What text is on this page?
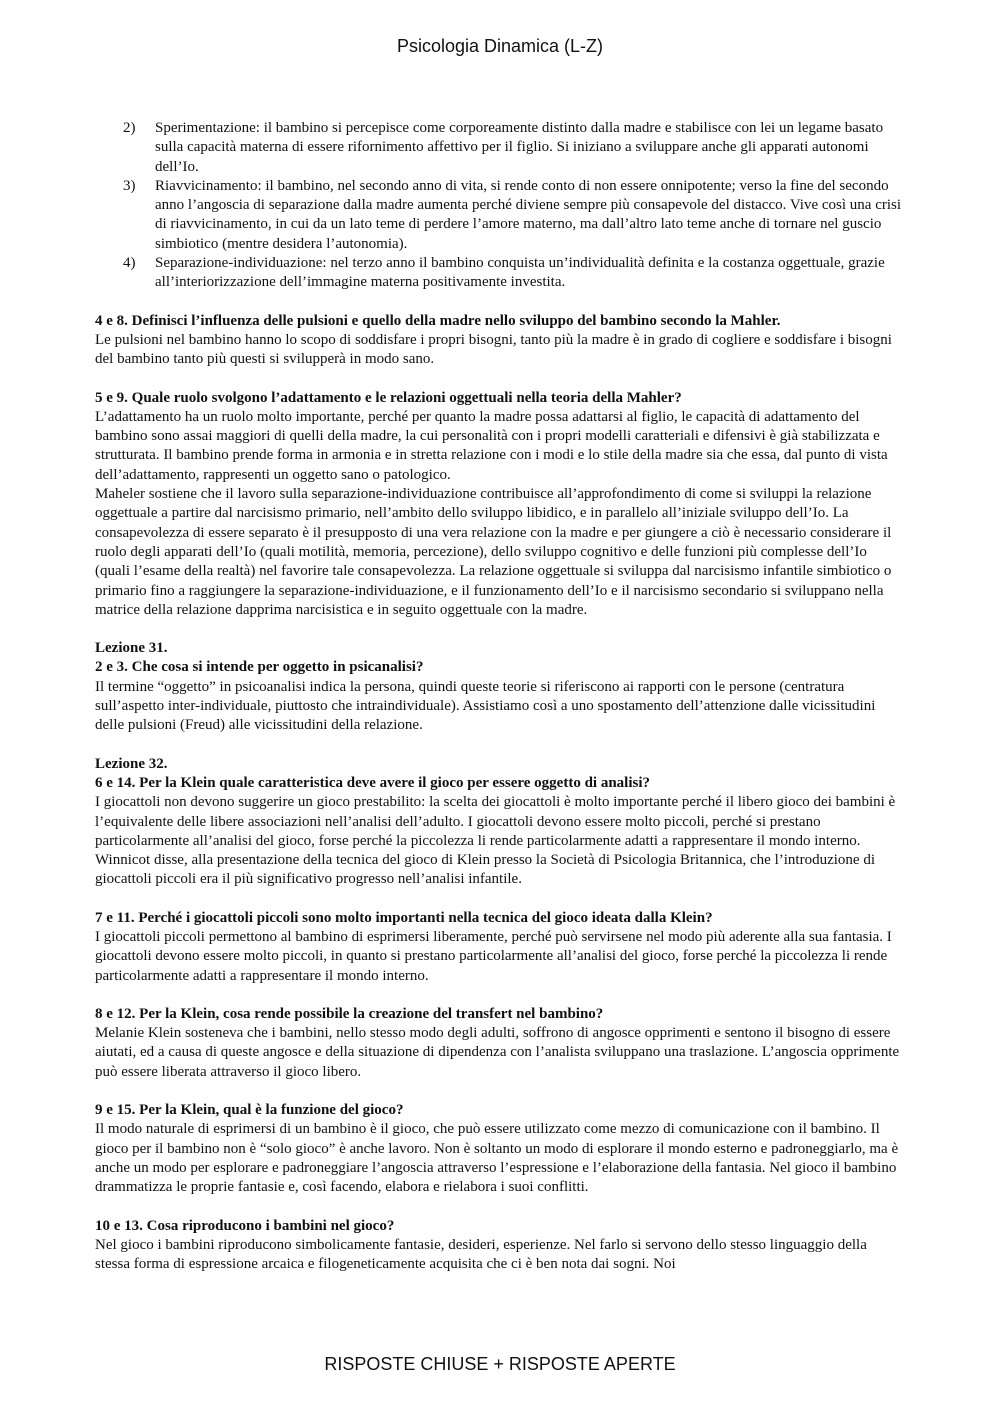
Psicologia Dinamica (L-Z)
2) Sperimentazione: il bambino si percepisce come corporeamente distinto dalla madre e stabilisce con lei un legame basato sulla capacità materna di essere rifornimento affettivo per il figlio. Si iniziano a sviluppare anche gli apparati autonomi dell’Io.
3) Riavvicinamento: il bambino, nel secondo anno di vita, si rende conto di non essere onnipotente; verso la fine del secondo anno l’angoscia di separazione dalla madre aumenta perché diviene sempre più consapevole del distacco. Vive così una crisi di riavvicinamento, in cui da un lato teme di perdere l’amore materno, ma dall’altro lato teme anche di tornare nel guscio simbiotico (mentre desidera l’autonomia).
4) Separazione-individuazione: nel terzo anno il bambino conquista un’individualità definita e la costanza oggettuale, grazie all’interiorizzazione dell’immagine materna positivamente investita.

4 e 8. Definisci l’influenza delle pulsioni e quello della madre nello sviluppo del bambino secondo la Mahler.

Le pulsioni nel bambino hanno lo scopo di soddisfare i propri bisogni, tanto più la madre è in grado di cogliere e soddisfare i bisogni del bambino tanto più questi si svilupperà in modo sano.

5 e 9. Quale ruolo svolgono l’adattamento e le relazioni oggettuali nella teoria della Mahler?

L’adattamento ha un ruolo molto importante, perché per quanto la madre possa adattarsi al figlio, le capacità di adattamento del bambino sono assai maggiori di quelli della madre, la cui personalità con i propri modelli caratteriali e difensivi è già stabilizzata e strutturata. Il bambino prende forma in armonia e in stretta relazione con i modi e lo stile della madre sia che essa, dal punto di vista dell’adattamento, rappresenti un oggetto sano o patologico.

Maheler sostiene che il lavoro sulla separazione-individuazione contribuisce all’approfondimento di come si sviluppi la relazione oggettuale a partire dal narcisismo primario, nell’ambito dello sviluppo libidico, e in parallelo all’iniziale sviluppo dell’Io. La consapevolezza di essere separato è il presupposto di una vera relazione con la madre e per giungere a ciò è necessario considerare il ruolo degli apparati dell’Io (quali motilità, memoria, percezione), dello sviluppo cognitivo e delle funzioni più complesse dell’Io (quali l’esame della realtà) nel favorire tale consapevolezza. La relazione oggettuale si sviluppa dal narcisismo infantile simbiotico o primario fino a raggiungere la separazione-individuazione, e il funzionamento dell’Io e il narcisismo secondario si sviluppano nella matrice della relazione dapprima narcisistica e in seguito oggettuale con la madre.

Lezione 31.

2 e 3. Che cosa si intende per oggetto in psicanalisi?

Il termine “oggetto” in psicoanalisi indica la persona, quindi queste teorie si riferiscono ai rapporti con le persone (centratura sull’aspetto inter-individuale, piuttosto che intraindividuale). Assistiamo così a uno spostamento dell’attenzione dalle vicissitudini delle pulsioni (Freud) alle vicissitudini della relazione.

Lezione 32.

6 e 14. Per la Klein quale caratteristica deve avere il gioco per essere oggetto di analisi?

I giocattoli non devono suggerire un gioco prestabilito: la scelta dei giocattoli è molto importante perché il libero gioco dei bambini è l’equivalente delle libere associazioni nell’analisi dell’adulto. I giocattoli devono essere molto piccoli, perché si prestano particolarmente all’analisi del gioco, forse perché la piccolezza li rende particolarmente adatti a rappresentare il mondo interno. Winnicot disse, alla presentazione della tecnica del gioco di Klein presso la Società di Psicologia Britannica, che l’introduzione di giocattoli piccoli era il più significativo progresso nell’analisi infantile.

7 e 11. Perché i giocattoli piccoli sono molto importanti nella tecnica del gioco ideata dalla Klein?

I giocattoli piccoli permettono al bambino di esprimersi liberamente, perché può servirsene nel modo più aderente alla sua fantasia. I giocattoli devono essere molto piccoli, in quanto si prestano particolarmente all’analisi del gioco, forse perché la piccolezza li rende particolarmente adatti a rappresentare il mondo interno.

8 e 12. Per la Klein, cosa rende possibile la creazione del transfert nel bambino?

Melanie Klein sosteneva che i bambini, nello stesso modo degli adulti, soffrono di angosce opprimenti e sentono il bisogno di essere aiutati, ed a causa di queste angosce e della situazione di dipendenza con l’analista sviluppano una traslazione. L’angoscia opprimente può essere liberata attraverso il gioco libero.

9 e 15. Per la Klein, qual è la funzione del gioco?

Il modo naturale di esprimersi di un bambino è il gioco, che può essere utilizzato come mezzo di comunicazione con il bambino. Il gioco per il bambino non è “solo gioco” è anche lavoro. Non è soltanto un modo di esplorare il mondo esterno e padroneggiarlo, ma è anche un modo per esplorare e padroneggiare l’angoscia attraverso l’espressione e l’elaborazione della fantasia. Nel gioco il bambino drammatizza le proprie fantasie e, così facendo, elabora e rielabora i suoi conflitti.

10 e 13. Cosa riproducono i bambini nel gioco?

Nel gioco i bambini riproducono simbolicamente fantasie, desideri, esperienze. Nel farlo si servono dello stesso linguaggio della stessa forma di espressione arcaica e filogeneticamente acquisita che ci è ben nota dai sogni. Noi

RISPOSTE CHIUSE + RISPOSTE APERTE
